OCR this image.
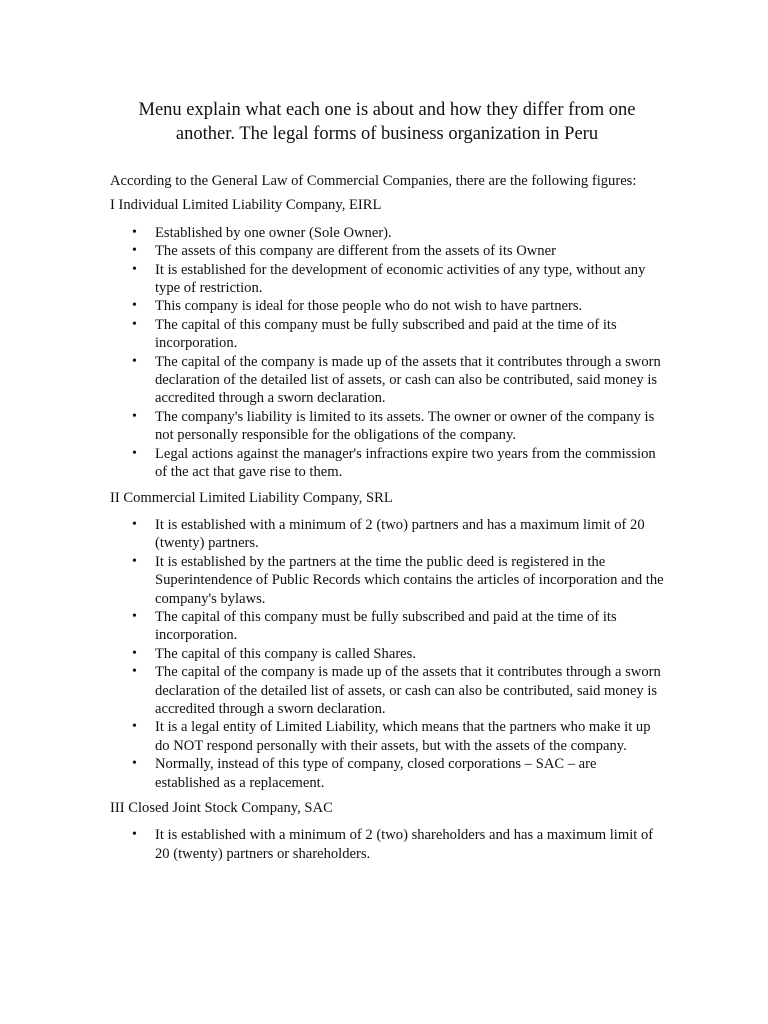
Menu explain what each one is about and how they differ from one another. The legal forms of business organization in Peru

According to the General Law of Commercial Companies, there are the following figures:

I Individual Limited Liability Company, EIRL

• Established by one owner (Sole Owner).
• The assets of this company are different from the assets of its Owner
• It is established for the development of economic activities of any type, without any type of restriction.
• This company is ideal for those people who do not wish to have partners.
• The capital of this company must be fully subscribed and paid at the time of its incorporation.
• The capital of the company is made up of the assets that it contributes through a sworn declaration of the detailed list of assets, or cash can also be contributed, said money is accredited through a sworn declaration.
• The company's liability is limited to its assets. The owner or owner of the company is not personally responsible for the obligations of the company.
• Legal actions against the manager's infractions expire two years from the commission of the act that gave rise to them.

II Commercial Limited Liability Company, SRL

• It is established with a minimum of 2 (two) partners and has a maximum limit of 20 (twenty) partners.
• It is established by the partners at the time the public deed is registered in the Superintendence of Public Records which contains the articles of incorporation and the company's bylaws.
• The capital of this company must be fully subscribed and paid at the time of its incorporation.
• The capital of this company is called Shares.
• The capital of the company is made up of the assets that it contributes through a sworn declaration of the detailed list of assets, or cash can also be contributed, said money is accredited through a sworn declaration.
• It is a legal entity of Limited Liability, which means that the partners who make it up do NOT respond personally with their assets, but with the assets of the company.
• Normally, instead of this type of company, closed corporations – SAC – are established as a replacement.

III Closed Joint Stock Company, SAC

• It is established with a minimum of 2 (two) shareholders and has a maximum limit of 20 (twenty) partners or shareholders.
